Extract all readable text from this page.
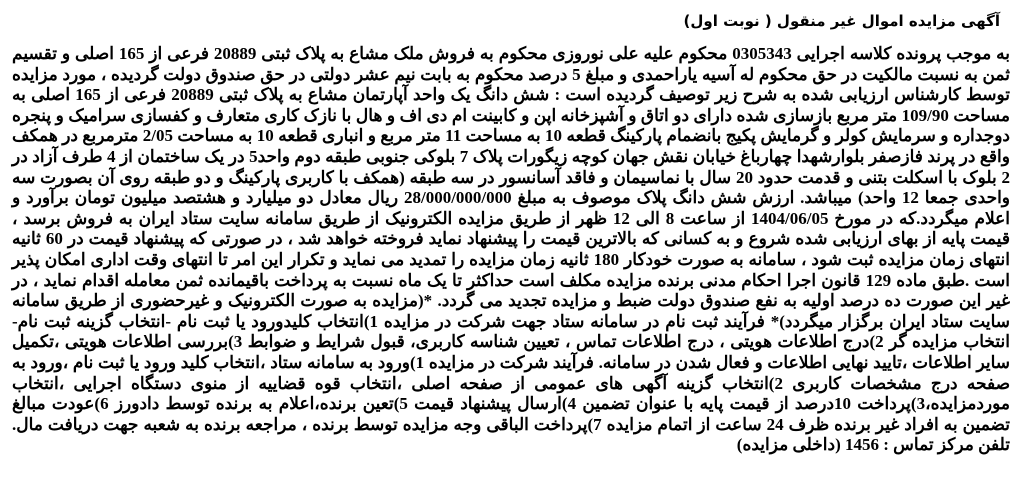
آگهی مزایده اموال غیر منقول ( نوبت اول)

به موجب پرونده کلاسه اجرایی 0305343 محکوم علیه علی نوروزی محکوم به فروش ملک مشاع به پلاک ثبتی 20889 فرعی از 165 اصلی و تقسیم ثمن به نسبت مالکیت در حق محکوم له آسیه یاراحمدی و مبلغ 5 درصد محکوم به بابت نیم عشر دولتی در حق صندوق دولت گردیده ، مورد مزایده توسط کارشناس ارزیابی شده به شرح زیر توصیف گردیده است : شش دانگ یک واحد آپارتمان مشاع به پلاک ثبتی 20889 فرعی از 165 اصلی به مساحت 109/90 متر مربع بازسازی شده دارای دو اتاق و آشپزخانه اپن و کابینت ام دی اف و هال با نازک کاری متعارف و کفسازی سرامیک و پنجره دوجداره و سرمایش کولر و گرمایش پکیج بانضمام پارکینگ قطعه 10 به مساحت 11 متر مربع و انباری قطعه 10 به مساحت 2/05 مترمربع در همکف واقع در پرند فازصفر بلوارشهدا چهارباغ خیابان نقش جهان کوچه زیگورات پلاک 7 بلوکی جنوبی طبقه دوم واحد5 در یک ساختمان از 4 طرف آزاد در 2 بلوک با اسکلت بتنی و قدمت حدود 20 سال با نماسیمان و فاقد آسانسور در سه طبقه (همکف با کاربری پارکینگ و دو طبقه روی آن بصورت سه واحدی جمعا 12 واحد) میباشد. ارزش شش دانگ پلاک موصوف به مبلغ 28/000/000/000 ریال معادل دو میلیارد و هشتصد میلیون تومان برآورد و اعلام میگردد.که در مورخ 1404/06/05 از ساعت 8 الی 12 ظهر از طریق مزایده الکترونیک از طریق سامانه سایت ستاد ایران به فروش برسد ، قیمت پایه از بهای ارزیابی شده شروع و به کسانی که بالاترین قیمت را پیشنهاد نماید فروخته خواهد شد ، در صورتی که پیشنهاد قیمت در 60 ثانیه انتهای زمان مزایده ثبت شود ، سامانه به صورت خودکار 180 ثانیه زمان مزایده را تمدید می نماید و تکرار این امر تا انتهای وقت اداری امکان پذیر است .طبق ماده 129 قانون اجرا احکام مدنی برنده مزایده مکلف است حداکثر تا یک ماه نسبت به پرداخت باقیمانده ثمن معامله اقدام نماید ، در غیر این صورت ده درصد اولیه به نفع صندوق دولت ضبط و مزایده تجدید می گردد. *(مزایده به صورت الکترونیک و غیرحضوری از طریق سامانه سایت ستاد ایران برگزار میگردد)* فرآیند ثبت نام در سامانه ستاد جهت شرکت در مزایده 1)انتخاب کلیدورود یا ثبت نام -انتخاب گزینه ثبت نام-انتخاب مزایده گر 2)درج اطلاعات هویتی ، درج اطلاعات تماس ، تعیین شناسه کاربری، قبول شرایط و ضوابط 3)بررسی اطلاعات هویتی ،تکمیل سایر اطلاعات ،تایید نهایی اطلاعات و فعال شدن در سامانه. فرآیند شرکت در مزایده 1)ورود به سامانه ستاد ،انتخاب کلید ورود یا ثبت نام ،ورود به صفحه درج مشخصات کاربری 2)انتخاب گزینه آگهی های عمومی از صفحه اصلی ،انتخاب قوه قضاییه از منوی دستگاه اجرایی ،انتخاب موردمزایده،3)پرداخت 10درصد از قیمت پایه با عنوان تضمین 4)ارسال پیشنهاد قیمت 5)تعین برنده،اعلام به برنده توسط دادورز 6)عودت مبالغ تضمین به افراد غیر برنده ظرف 24 ساعت از اتمام مزایده 7)پرداخت الباقی وجه مزایده توسط برنده ، مراجعه برنده به شعبه جهت دریافت مال. تلفن مرکز تماس : 1456 (داخلی مزایده)
